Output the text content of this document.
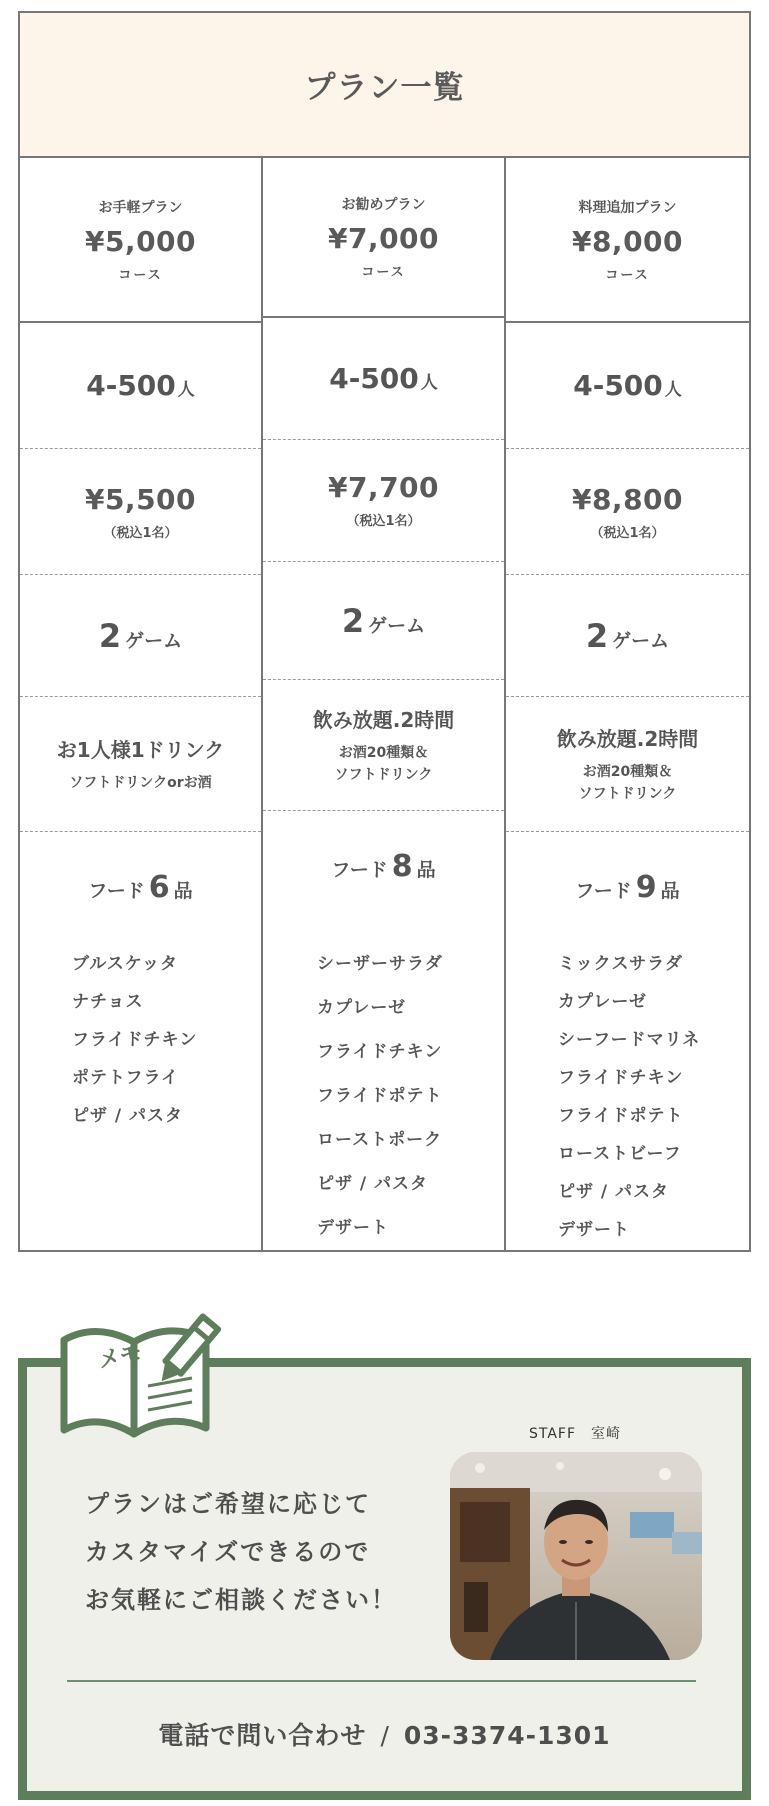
プラン一覧
お手軽プラン
¥5,000
コース
4-500 人
¥5,500
（税込1名）
2 ゲーム
お1人様1ドリンク
ソフトドリンクorお酒
フード 6 品
ブルスケッタ
ナチョス
フライドチキン
ポテトフライ
ピザ / パスタ
お勧めプラン
¥7,000
コース
4-500 人
¥7,700
（税込1名）
2 ゲーム
飲み放題.2時間
お酒20種類＆
ソフトドリンク
フード 8 品
シーザーサラダ
カプレーゼ
フライドチキン
フライドポテト
ローストポーク
ピザ / パスタ
デザート
料理追加プラン
¥8,000
コース
4-500 人
¥8,800
（税込1名）
2 ゲーム
飲み放題.2時間
お酒20種類＆
ソフトドリンク
フード 9 品
ミックスサラダ
カプレーゼ
シーフードマリネ
フライドチキン
フライドポテト
ローストビーフ
ピザ / パスタ
デザート
メモ
プランはご希望に応じて
カスタマイズできるので
お気軽にご相談ください！
STAFF　室崎
電話で問い合わせ / 03-3374-1301
